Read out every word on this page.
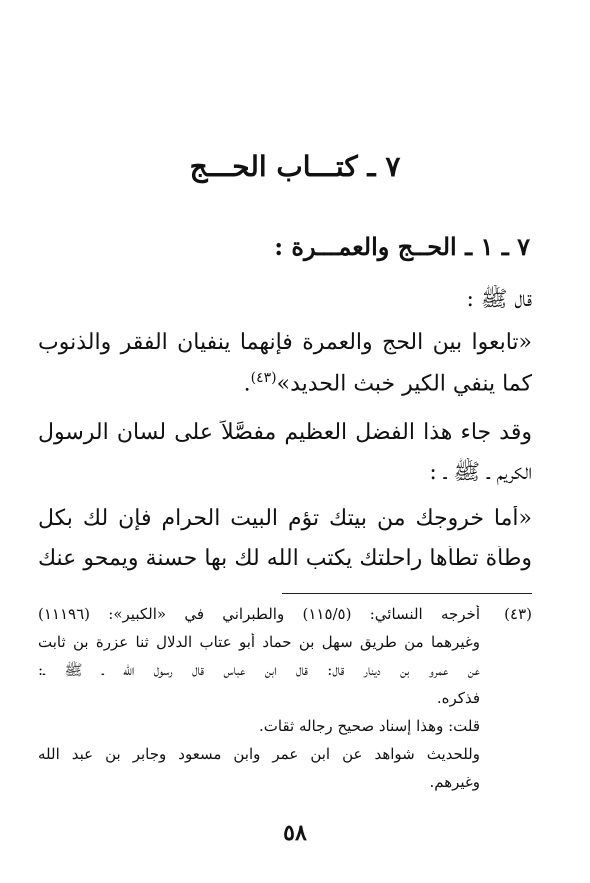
٧ ـ كتـــاب الحـــج
٧ ـ ١ ـ الحــج والعمـــرة :
قال ﷺ :
«تابعوا بين الحج والعمرة فإنهما ينفيان الفقر والذنوب
كما ينفي الكير خبث الحديد»$^{(٤٣)}$.
وقد جاء هذا الفضل العظيم مفصَّلاً على لسان الرسول
الكريم ـ ﷺ ـ :
«أما خروجك من بيتك تؤم البيت الحرام فإن لك بكل
وطأة تطأها راحلتك يكتب الله لك بها حسنة ويمحو عنك
أخرجه النسائي: (١١٥/٥) والطبراني في «الكبير»: (١١١٩٦) (٤٣)
وغيرهما من طريق سهل بن حماد أبو عتاب الدلال ثنا عزرة بن ثابت
عن عمرو بن دينار قال: قال ابن عباس قال رسول الله ـ ﷺ ـ:
فذكره.
قلت: وهذا إسناد صحيح رجاله ثقات.
وللحديث شواهد عن ابن عمر وابن مسعود وجابر بن عبد الله
وغيرهم.
٥٨
